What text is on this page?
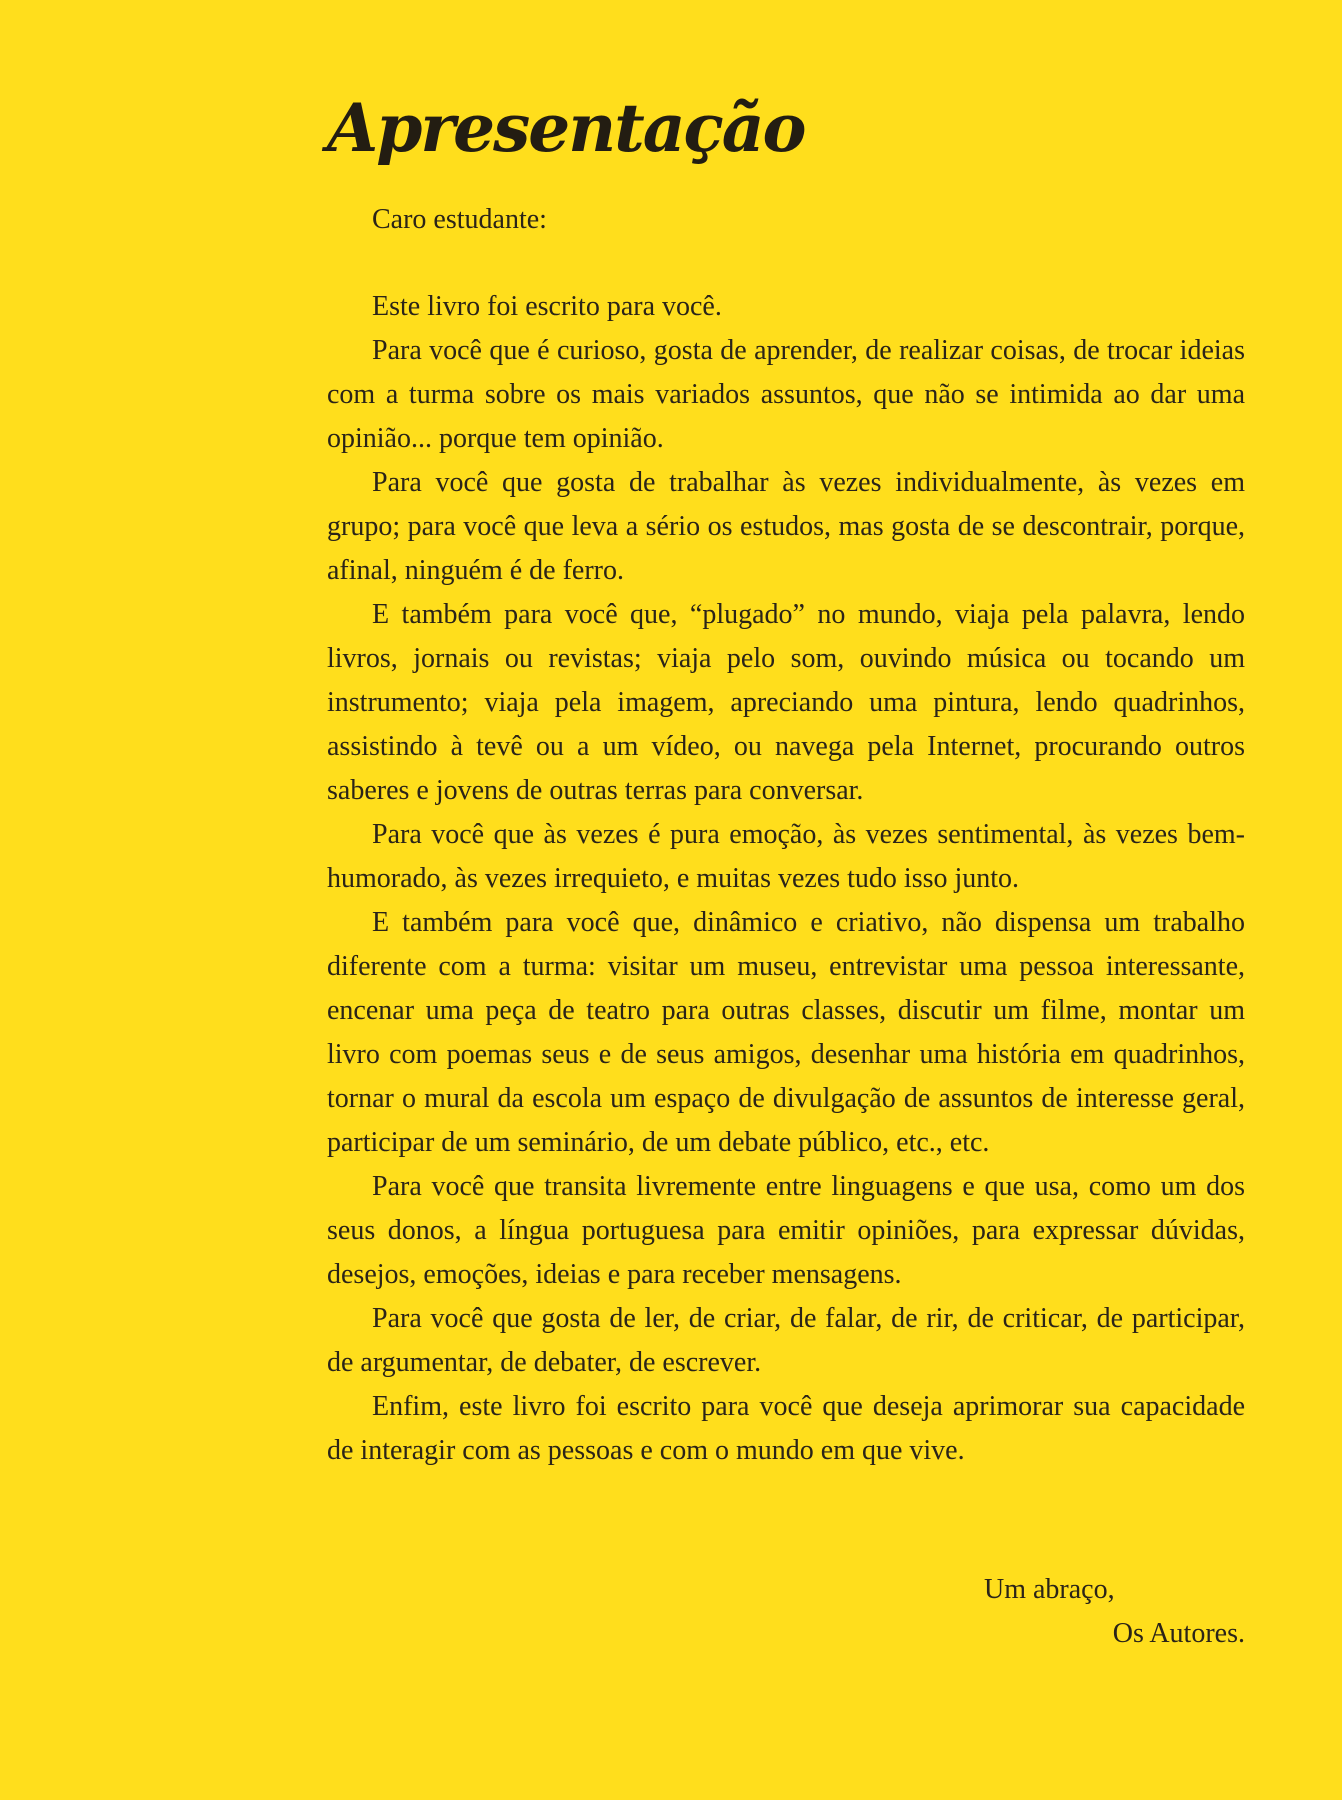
Apresentação

Caro estudante:

Este livro foi escrito para você.

Para você que é curioso, gosta de aprender, de realizar coisas, de trocar ideias com a turma sobre os mais variados assuntos, que não se intimida ao dar uma opinião... porque tem opinião.

Para você que gosta de trabalhar às vezes individualmente, às vezes em grupo; para você que leva a sério os estudos, mas gosta de se descontrair, porque, afinal, ninguém é de ferro.

E também para você que, “plugado” no mundo, viaja pela palavra, lendo livros, jornais ou revistas; viaja pelo som, ouvindo música ou tocando um instrumento; viaja pela imagem, apreciando uma pintura, lendo quadrinhos, assistindo à tevê ou a um vídeo, ou navega pela Internet, procurando outros saberes e jovens de outras terras para conversar.

Para você que às vezes é pura emoção, às vezes sentimental, às vezes bem-humorado, às vezes irrequieto, e muitas vezes tudo isso junto.

E também para você que, dinâmico e criativo, não dispensa um trabalho diferente com a turma: visitar um museu, entrevistar uma pessoa interessante, encenar uma peça de teatro para outras classes, discutir um filme, montar um livro com poemas seus e de seus amigos, desenhar uma história em quadrinhos, tornar o mural da escola um espaço de divulgação de assuntos de interesse geral, participar de um seminário, de um debate público, etc., etc.

Para você que transita livremente entre linguagens e que usa, como um dos seus donos, a língua portuguesa para emitir opiniões, para expressar dúvidas, desejos, emoções, ideias e para receber mensagens.

Para você que gosta de ler, de criar, de falar, de rir, de criticar, de participar, de argumentar, de debater, de escrever.

Enfim, este livro foi escrito para você que deseja aprimorar sua capacidade de interagir com as pessoas e com o mundo em que vive.

Um abraço,
Os Autores.
